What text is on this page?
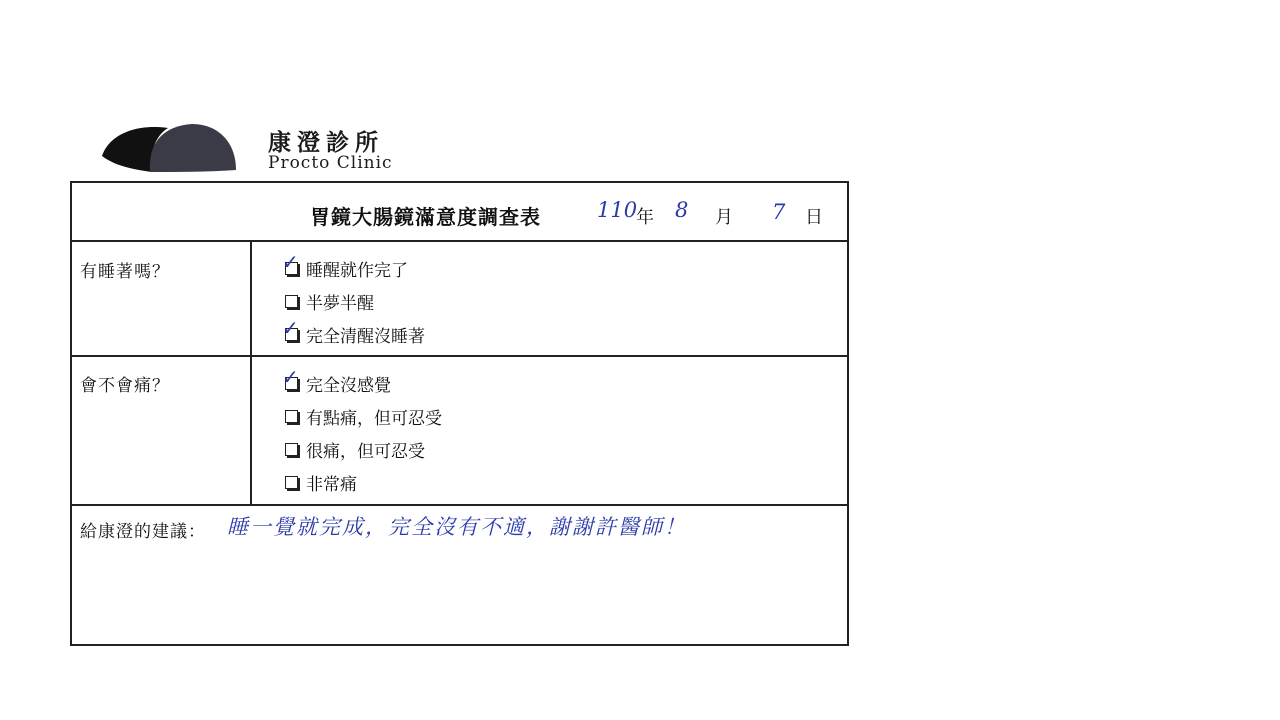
康澄診所
Procto Clinic
胃鏡大腸鏡滿意度調查表	110
年 8 月 7 日
有睡著嗎？	✓ 睡醒就作完了
半夢半醒
✓ 完全清醒沒睡著
會不會痛？	✓ 完全沒感覺
有點痛，但可忍受
很痛，但可忍受
非常痛
給康澄的建議： 睡一覺就完成，完全沒有不適，謝謝許醫師！
